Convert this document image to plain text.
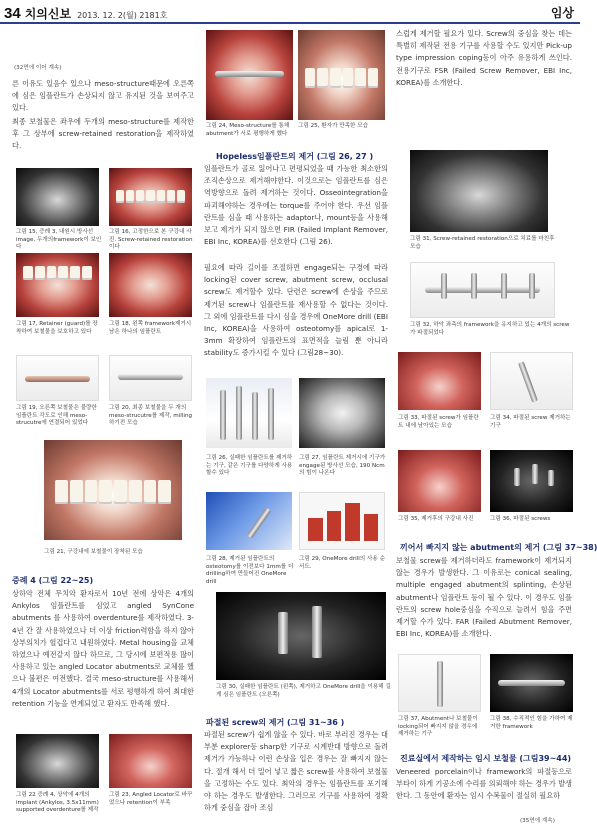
34 치의신보 2013. 12. 2(월) 2181호	임상
(32면에 이어 계속)
른 이유도 있음수 있으나 meso-structure때문에 오른쪽에 심은 임플란트가 손상되지 않고 유지된 것을 보여주고 있다.
최종 보철물은 좌우에 두개의 meso-structure를 제작한후 그 상부에 screw-retained restoration을 제작하였다.
그림 15, 증례 3, 내원시 방사선 image, 두개의framework이 보인다
그림 16, 고정한으로 본 구강내 사진. Screw-retained restoration이다
그림 17, Retainer (guard)를 장착하여 보철물을 보호하고 있다
그림 18, 왼쪽 framework제거시 남은 하나의 임플란트
그림 19, 오른쪽 보철물은 불량한 임플란트 각도로 인해 meso-strucutre에 연결되어 있었다
그림 20, 최종 보철물을 두 개의 meso-strucutre를 제작, milling하기전 모습
그림 21, 구강내에 보철물이 장착된 모습
증례 4 (그림 22~25)
상하악 전체 무치악 환자로서 10년 전에 상악은 4개의 Ankylos 임플란트를 심었고 angled SynCone abutments 를 사용하여 overdenture를 제작하였다. 3-4년 간 잘 사용하였으나 더 이상 friction력함을 하지 않아 상부의치가 헐겁다고 내원하였다. Metal housing을 교체하였으나 예전같지 않다 하므로, 그 당시에 보편적용 많이 사용하고 있는 angled Locator abutments로 교체를 했으나 불편은 여전했다. 결국 meso-structure를 사용해서 4개의 Locator abutments를 서로 평행하게 하여 최대한 retention 기능을 연계되었고 환자도 만족해 했다.
그림 22 증례 4, 상악에 4개의 implant (Ankylos, 3.5x11mm) supported overdenture를 제작
그림 23, Angled Locator로 바꾸었으나 retention이 부족
그림 24, Meso-structure를 통해 abutment가 서로 평행하게 했다
그림 25, 환자가 만족한 모습
Hopeless임플란트의 제거 (그림 26, 27 )
임플란트가 골로 잃어나고 편평되었을 때 가능한 최소한의 조직손상으로 제거해야한다. 이것으로는 임플란트를 심은 역방향으로 돌려 제거하는 것이다. Osseointegration을 파괴해야하는 경우에는 torque를 주어야 한다. 우선 임플란트를 심을 때 사용하는 adaptor나, mount등을 사용해 보고 제거가 되지 않으면 FIR (Failed Implant Remover, EBI Inc, KOREA)를 선호한다 (그림 26).
필요에 따라 길이를 조절하면 engage되는 구경에 따라 locking된 cover screw, abutment screw, occlusal screw도 제거할수 있다. 단련은 screw에 손상을 주므로 제거된 screw나 임플란트를 재사용할 수 없다는 것이다. 그 외에 임플란트를 다시 심을 경우에 OneMore drill (EBI Inc, KOREA)을 사용하여 osteotomy를 apical로 1-3mm 확장하여 임플란트의 표면적을 늘림 뿐 아니라 stability도 증가시킬 수 있다 (그림28~30).
그림 26, 실패한 임플란트를 제거하는 기구, 같은 기구를 다양하게 사용할수 있다
그림 27, 임플란트 제거시에 기구가 engage된 방사선 모습, 190 Ncm의 힘이 나온다
그림 28, 제거된 임플란트의 osteotomy를 이전보다 1mm를 더 drilling하여 만들어진 OneMore drill
그림 29, OneMore drill의 사용 순서도.
그림 30, 실패한 임플란트 (왼쪽), 제거하고 OneMore drill을 이용해 길게 심은 임플란트 (오른쪽)
파절된 screw의 제거 (그림 31~36 )
파절된 screw가 쉽게 않을 수 있다. 바로 부러진 경우는 대부분 explorer등 sharp한 기구로 시계반대 방향으로 돌려 제거가 가능하나 이런 손상을 입은 경우는 잘 빠지지 않는다. 절개 해서 더 밀어 넣고 짧은 screw를 사용하여 보철물을 고정하는 수도 있다. 최악의 경우는 임플란트를 포기해야 하는 경우도 발생한다. 그러므로 기구를 사용하여 정확하게 중심을 잡아 조심
스럽게 제거할 필요가 있다. Screw의 중심을 찾는 데는 특별히 제작된 전용 기구를 사용할 수도 있지만 Pick-up type impression coping등이 아주 유용하게 쓰인다. 전용기구로 FSR (Failed Screw Remover, EBI Inc, KOREA)를 소개한다.
그림 31, Screw-retained restoration으로 치료를 마친후 모습
그림 32, 하악 좌측의 framework을 유지하고 있는 4개의 screw가 파절되었다
그림 33, 파절된 screw가 임플란트 내에 남아있는 모습
그림 34, 파절된 screw 제거하는 기구
그림 35, 제거후의 구강내 사진	그림 36, 파절된 screws
끼어서 빠지지 않는 abutment의 제거 (그림 37~38)
보철물 screw를 제거하더라도 framework이 제거되지 않는 경우가 발생한다. 그 이유로는 conical sealing, multiple engaged abutment의 splinting, 손상된 abutment나 임플란트 등이 될 수 있다. 이 경우도 임플란트의 screw hole중심을 수직으로 늘려서 힘을 주면 제거할 수가 있다. FAR (Failed Abutment Remover, EBI Inc, KOREA)를 소개한다.
그림 37, Abutment나 보철물이 locking되어 빠지지 않을 경우에 제거하는 기구
그림 38, 수직적인 힘을 가하여 제거한 framework
진료실에서 제작하는 임시 보철물 (그림39~44)
Veneered porcelain이나 framework의 파절등으로 부타이 하게 기공소에 수리를 의뢰해야 하는 경우가 발생한다. 그 동안에 환자는 임시 수복물이 절실히 필요하
(35면에 계속)
